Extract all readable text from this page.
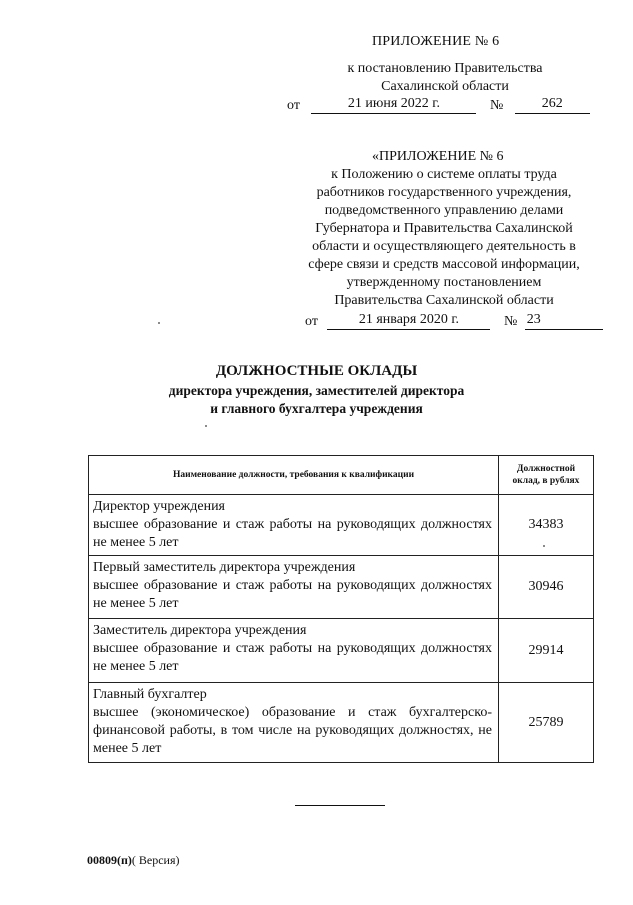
ПРИЛОЖЕНИЕ № 6
к постановлению Правительства
Сахалинской области
от	21 июня 2022 г.	№	262
«ПРИЛОЖЕНИЕ № 6
к Положению о системе оплаты труда
работников государственного учреждения,
подведомственного управлению делами
Губернатора и Правительства Сахалинской
области и осуществляющего деятельность в
сфере связи и средств массовой информации,
утвержденному постановлением
Правительства Сахалинской области
от	21 января 2020 г.	№ 23
ДОЛЖНОСТНЫЕ ОКЛАДЫ
директора учреждения, заместителей директора
и главного бухгалтера учреждения
Наименование должности, требования к квалификации	Должностной
оклад, в рублях

Директор учреждения
высшее образование и стаж работы на руководящих должностях не менее 5 лет	34383

Первый заместитель директора учреждения
высшее образование и стаж работы на руководящих должностях не менее 5 лет	30946

Заместитель директора учреждения
высшее образование и стаж работы на руководящих должностях не менее 5 лет	29914

Главный бухгалтер
высшее (экономическое) образование и стаж бухгалтерско-финансовой работы, в том числе на руководящих должностях, не менее 5 лет	25789
00809(п)( Версия)
